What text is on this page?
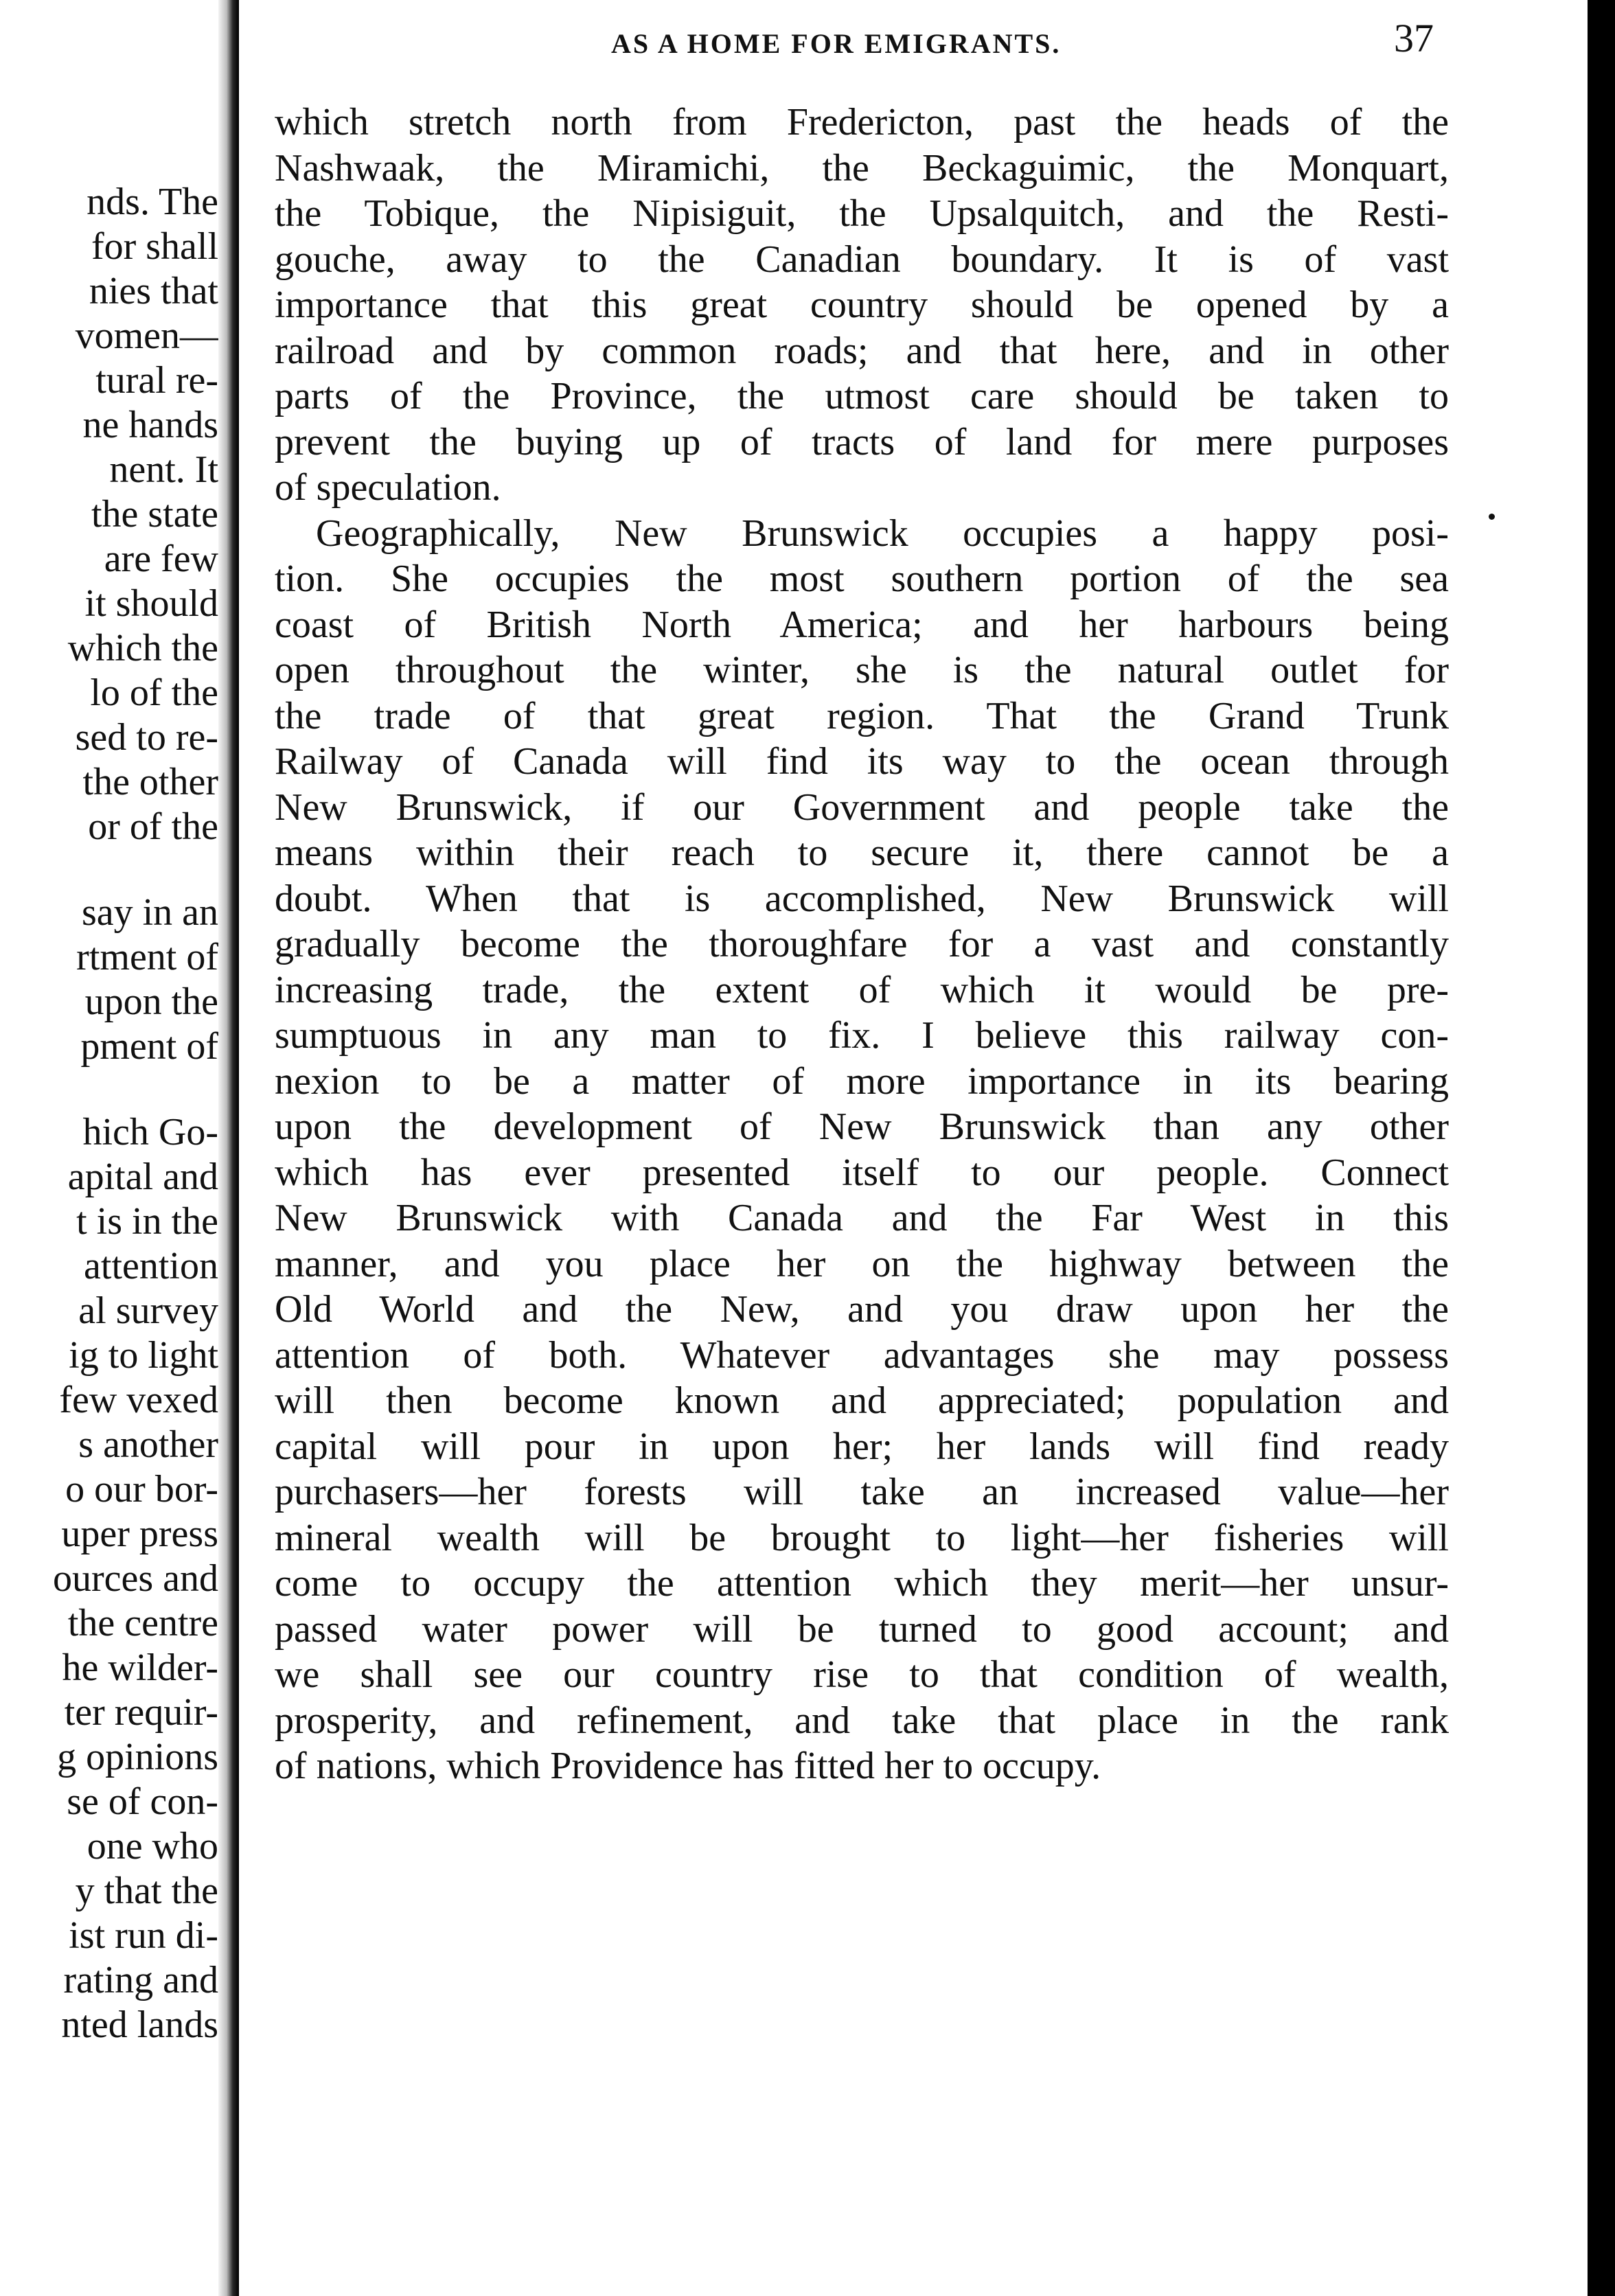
nds. The
for shall
nies that
vomen—
tural re-
ne hands
nent. It
the state
are few
it should
which the
lo of the
sed to re-
the other
or of the
say in an
rtment of
upon the
pment of
hich Go-
apital and
t is in the
attention
al survey
ig to light
few vexed
s another
o our bor-
uper press
ources and
the centre
he wilder-
ter requir-
g opinions
se of con-
one who
y that the
ist run di-
rating and
nted lands
AS A HOME FOR EMIGRANTS.	37
which stretch north from Fredericton, past the heads of the
Nashwaak, the Miramichi, the Beckaguimic, the Monquart,
the Tobique, the Nipisiguit, the Upsalquitch, and the Resti-
gouche, away to the Canadian boundary. It is of vast
importance that this great country should be opened by a
railroad and by common roads; and that here, and in other
parts of the Province, the utmost care should be taken to
prevent the buying up of tracts of land for mere purposes
of speculation.
Geographically, New Brunswick occupies a happy posi-
tion. She occupies the most southern portion of the sea
coast of British North America; and her harbours being
open throughout the winter, she is the natural outlet for
the trade of that great region. That the Grand Trunk
Railway of Canada will find its way to the ocean through
New Brunswick, if our Government and people take the
means within their reach to secure it, there cannot be a
doubt. When that is accomplished, New Brunswick will
gradually become the thoroughfare for a vast and constantly
increasing trade, the extent of which it would be pre-
sumptuous in any man to fix. I believe this railway con-
nexion to be a matter of more importance in its bearing
upon the development of New Brunswick than any other
which has ever presented itself to our people. Connect
New Brunswick with Canada and the Far West in this
manner, and you place her on the highway between the
Old World and the New, and you draw upon her the
attention of both. Whatever advantages she may possess
will then become known and appreciated; population and
capital will pour in upon her; her lands will find ready
purchasers—her forests will take an increased value—her
mineral wealth will be brought to light—her fisheries will
come to occupy the attention which they merit—her unsur-
passed water power will be turned to good account; and
we shall see our country rise to that condition of wealth,
prosperity, and refinement, and take that place in the rank
of nations, which Providence has fitted her to occupy.
